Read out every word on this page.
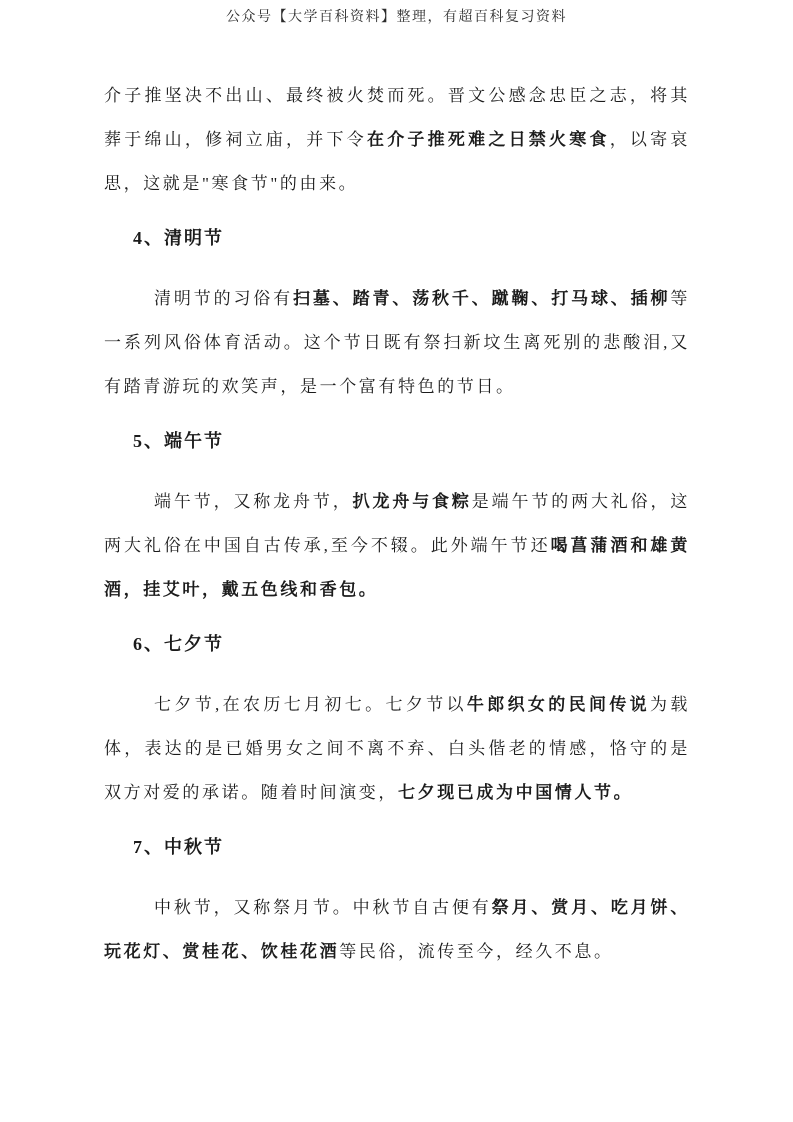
公众号【大学百科资料】整理，有超百科复习资料

介子推坚决不出山、最终被火焚而死。晋文公感念忠臣之志，将其葬于绵山，修祠立庙，并下令在介子推死难之日禁火寒食，以寄哀思，这就是"寒食节"的由来。

4、清明节

清明节的习俗有扫墓、踏青、荡秋千、蹴鞠、打马球、插柳等一系列风俗体育活动。这个节日既有祭扫新坟生离死别的悲酸泪,又有踏青游玩的欢笑声，是一个富有特色的节日。

5、端午节

端午节，又称龙舟节，扒龙舟与食粽是端午节的两大礼俗，这两大礼俗在中国自古传承,至今不辍。此外端午节还喝菖蒲酒和雄黄酒，挂艾叶，戴五色线和香包。

6、七夕节

七夕节,在农历七月初七。七夕节以牛郎织女的民间传说为载体，表达的是已婚男女之间不离不弃、白头偕老的情感，恪守的是双方对爱的承诺。随着时间演变，七夕现已成为中国情人节。

7、中秋节

中秋节，又称祭月节。中秋节自古便有祭月、赏月、吃月饼、玩花灯、赏桂花、饮桂花酒等民俗，流传至今，经久不息。
